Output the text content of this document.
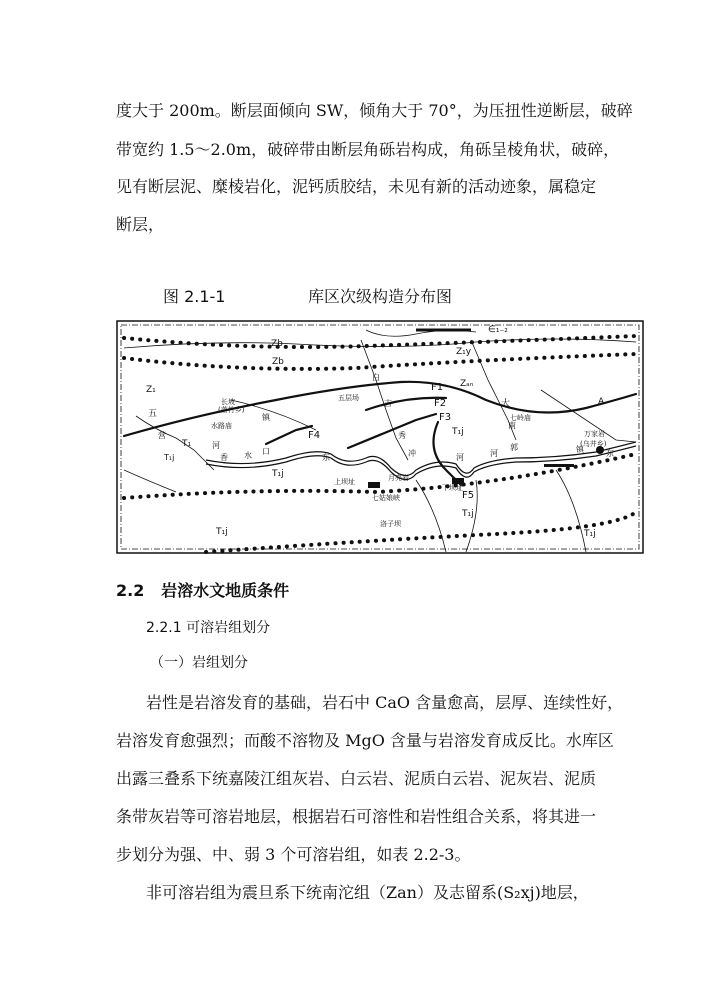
度大于 200m。断层面倾向 SW，倾角大于 70°，为压扭性逆断层，破碎
带宽约 1.5～2.0m，破碎带由断层角砾岩构成，角砾呈棱角状，破碎，
见有断层泥、糜棱岩化，泥钙质胶结，未见有新的活动迹象，属稳定
断层，
图 2.1-1	库区次级构造分布图
∈₁₋₂
Zb
Zb
Z₁y
Zₐₙ
Z₁
五
五层场
F1
F2
F3
F4
F5
A
大
七岭庙
长坡
(落竹乡)
水路庙
T₁
T₁j
T₁j
T₁j
T₁j	T₁j
月亮岩
上坝址
下坝址
七姑娘峡
万家岩
(乌井乡)
洛子坝
白
吉
秀
冲
镇
营
香
河
水 口
东	河
郭
东
南
镇
河
T₁j
2.2 岩溶水文地质条件
2.2.1 可溶岩组划分
（一）岩组划分
岩性是岩溶发育的基础，岩石中 CaO 含量愈高，层厚、连续性好，
岩溶发育愈强烈；而酸不溶物及 MgO 含量与岩溶发育成反比。水库区
出露三叠系下统嘉陵江组灰岩、白云岩、泥质白云岩、泥灰岩、泥质
条带灰岩等可溶岩地层，根据岩石可溶性和岩性组合关系，将其进一
步划分为强、中、弱 3 个可溶岩组，如表 2.2-3。
非可溶岩组为震旦系下统南沱组（Zan）及志留系(S₂xj)地层，
